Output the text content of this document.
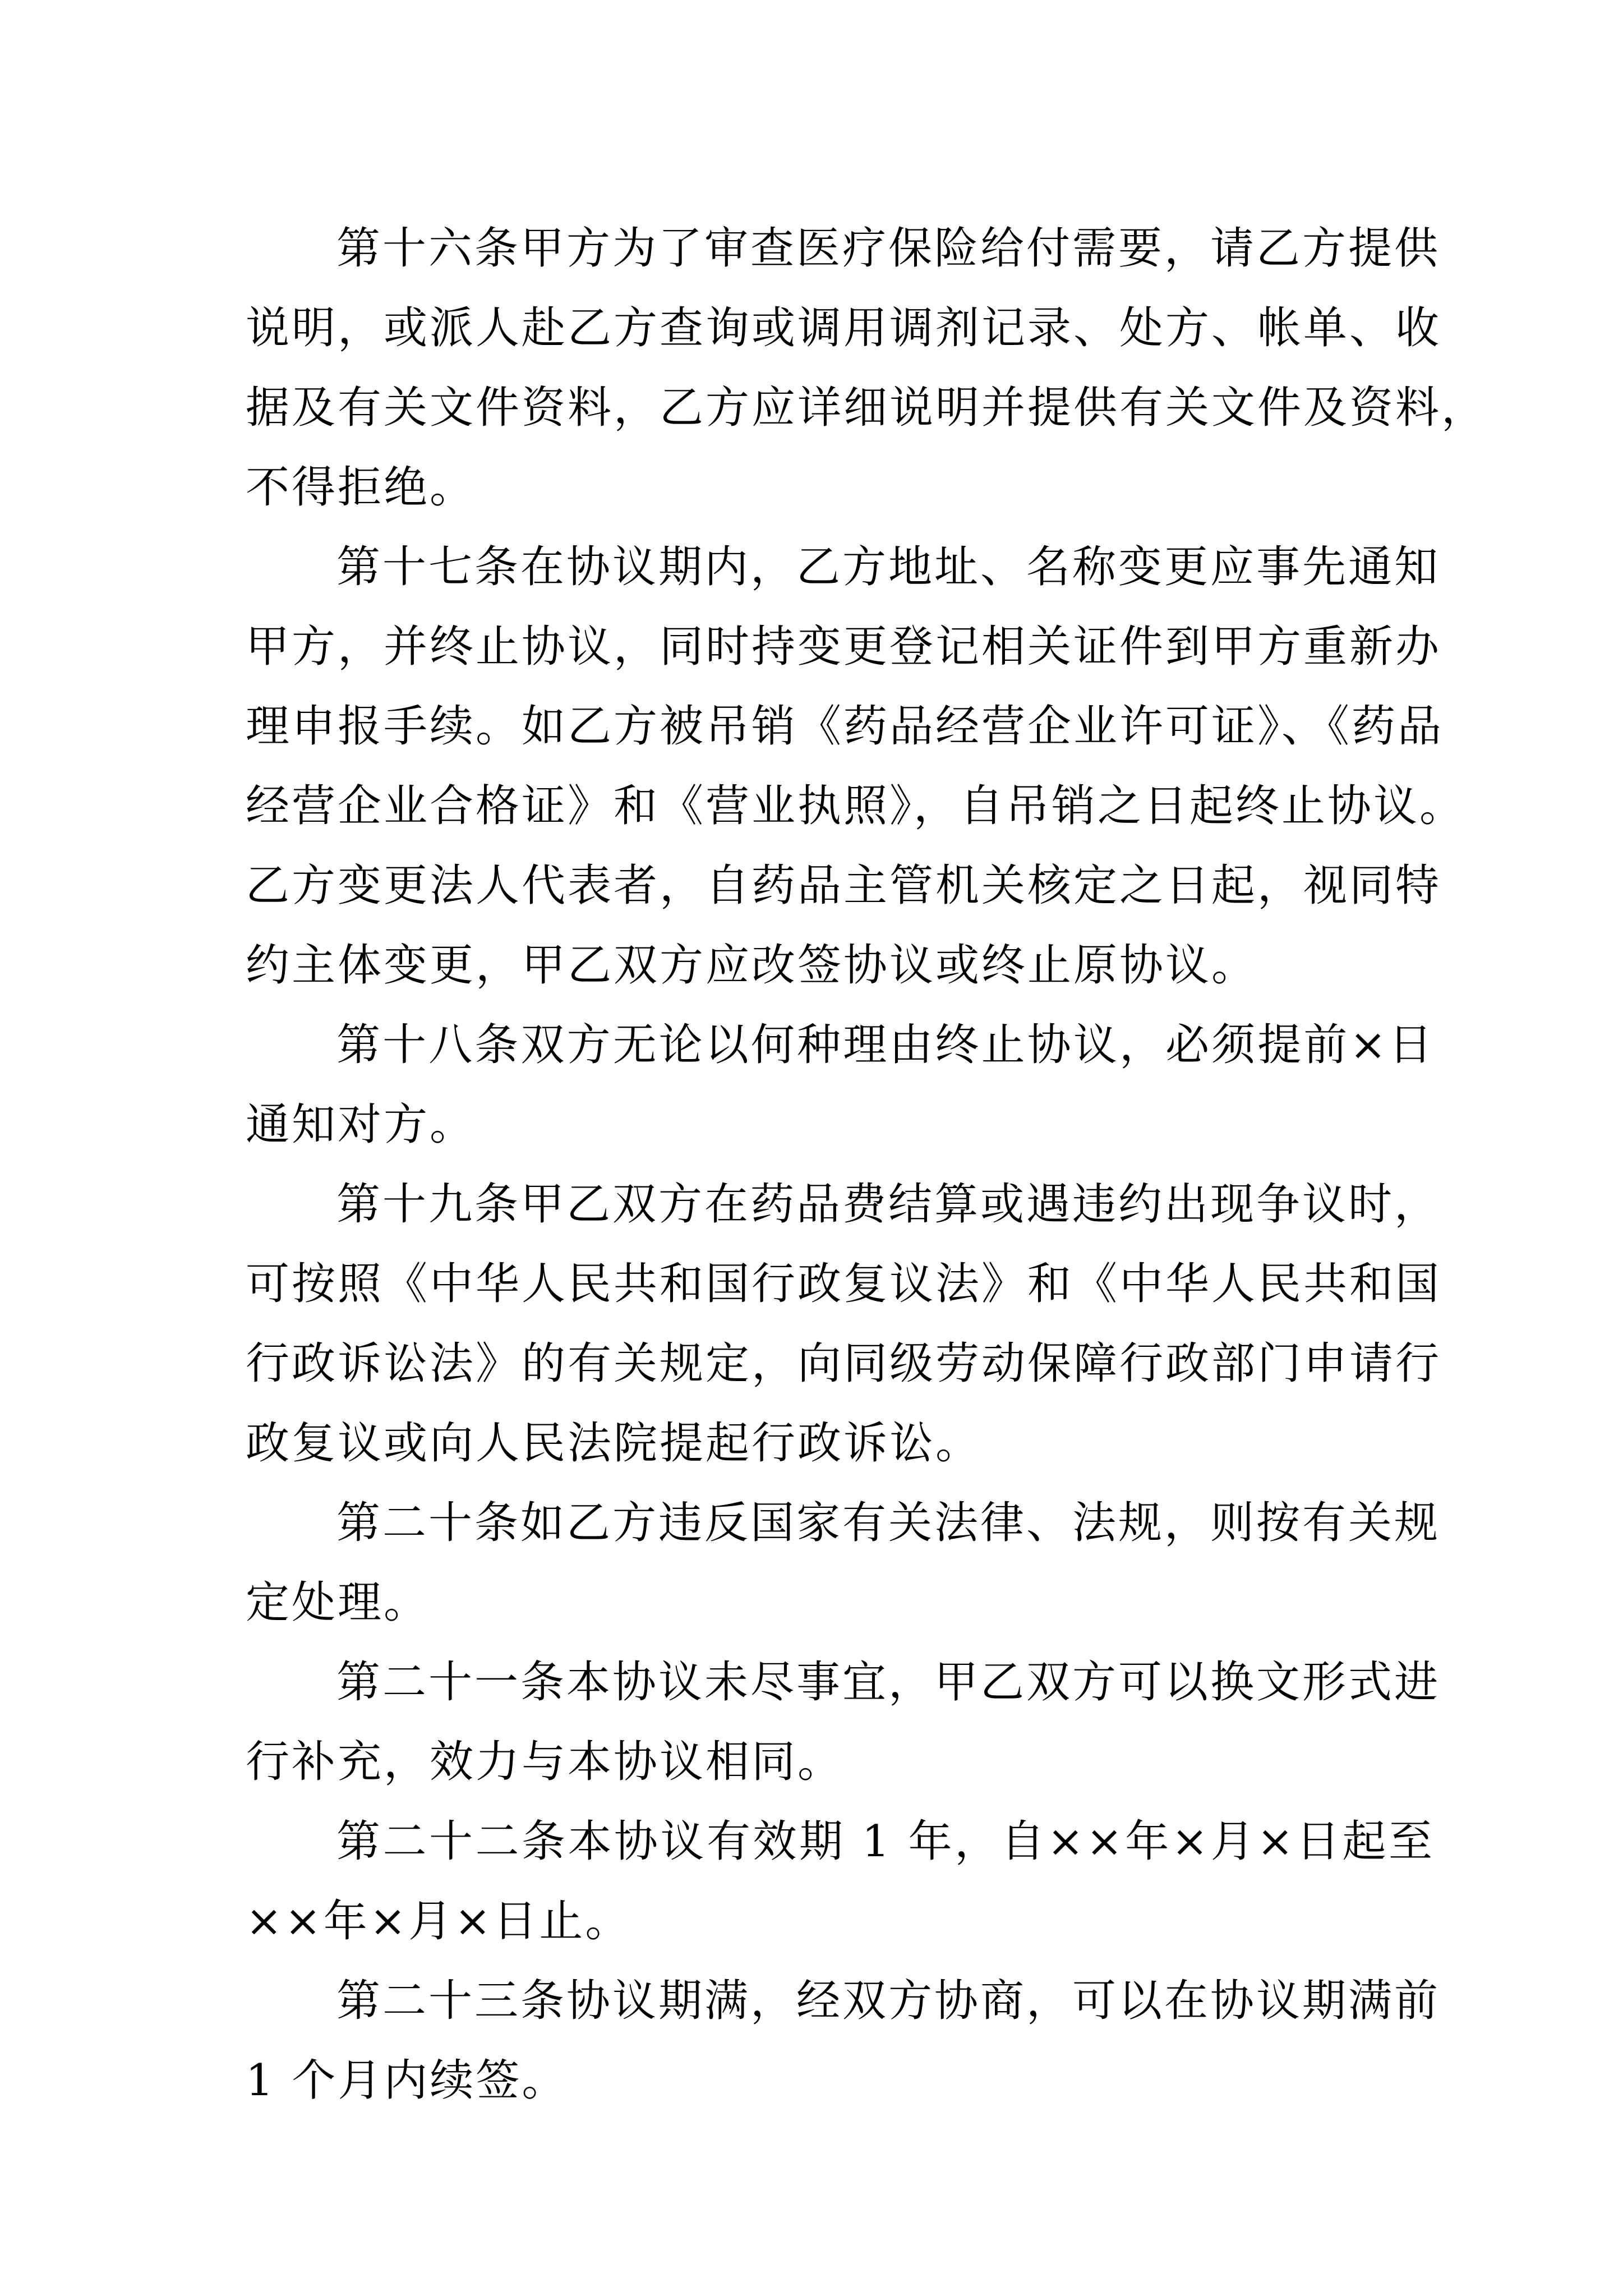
第十六条甲方为了审查医疗保险给付需要，请乙方提供
说明，或派人赴乙方查询或调用调剂记录、处方、帐单、收
据及有关文件资料，乙方应详细说明并提供有关文件及资料，
不得拒绝。
第十七条在协议期内，乙方地址、名称变更应事先通知
甲方，并终止协议，同时持变更登记相关证件到甲方重新办
理申报手续。如乙方被吊销《药品经营企业许可证》、《药品
经营企业合格证》和《营业执照》，自吊销之日起终止协议。
乙方变更法人代表者，自药品主管机关核定之日起，视同特
约主体变更，甲乙双方应改签协议或终止原协议。
第十八条双方无论以何种理由终止协议，必须提前×日
通知对方。
第十九条甲乙双方在药品费结算或遇违约出现争议时，
可按照《中华人民共和国行政复议法》和《中华人民共和国
行政诉讼法》的有关规定，向同级劳动保障行政部门申请行
政复议或向人民法院提起行政诉讼。
第二十条如乙方违反国家有关法律、法规，则按有关规
定处理。
第二十一条本协议未尽事宜，甲乙双方可以换文形式进
行补充，效力与本协议相同。
第二十二条本协议有效期 1 年，自××年×月×日起至
××年×月×日止。
第二十三条协议期满，经双方协商，可以在协议期满前
1 个月内续签。
